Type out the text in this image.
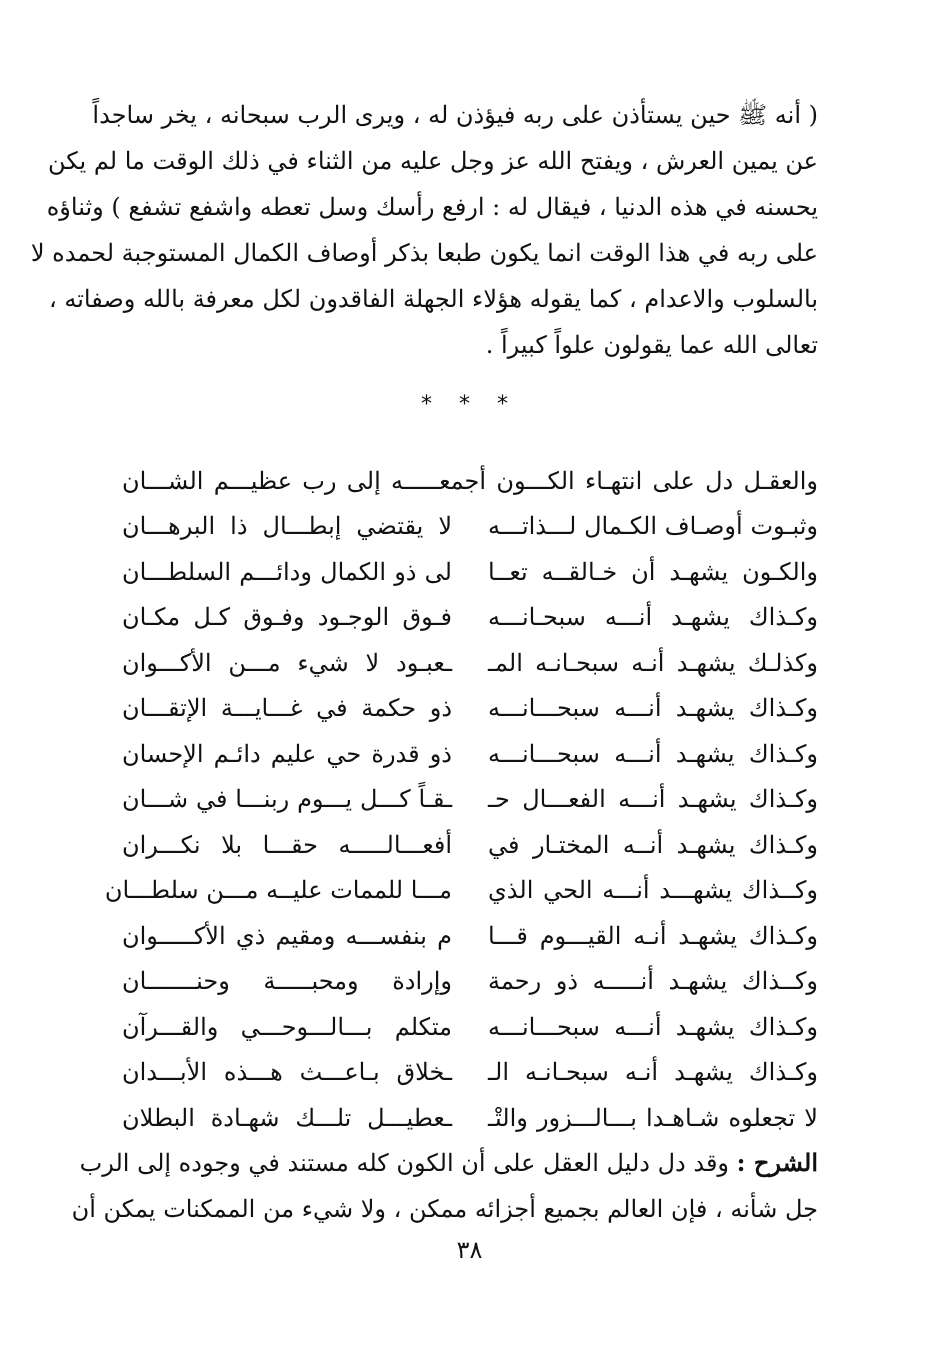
( أنه ﷺ حين يستأذن على ربه فيؤذن له ، ويرى الرب سبحانه ، يخر ساجداً
عن يمين العرش ، ويفتح الله عز وجل عليه من الثناء في ذلك الوقت ما لم يكن
يحسنه في هذه الدنيا ، فيقال له : ارفع رأسك وسل تعطه واشفع تشفع ) وثناؤه
على ربه في هذا الوقت انما يكون طبعا بذكر أوصاف الكمال المستوجبة لحمده لا
بالسلوب والاعدام ، كما يقوله هؤلاء الجهلة الفاقدون لكل معرفة بالله وصفاته ،
تعالى الله عما يقولون علواً كبيراً .
* * *
والعقـل دل على انتهـاء الكـــون أجمعـــــه إلى رب عظيـــم الشـــان
وثبـوت أوصـاف الكـمال لـــذاتـــه
لا يقتضي إبطـــال ذا البرهـــان
والكـون يشهـد أن خـالقــه تعــا
لى ذو الكمال ودائـــم السلطـــان
وكـذاك يشهـد أنـــه سبحـانـــه
فـوق الوجـود وفـوق كـل مكـان
وكذلـك يشهـد أنـه سبحـانـه المـ
ـعبـود لا شيء مـــن الأكـــوان
وكـذاك يشهـد أنـــه سبحـــانـــه
ذو حكمة في غـــايـــة الإتقـــان
وكـذاك يشهـد أنـــه سبحـــانـــه
ذو قدرة حي عليم دائـم الإحسان
وكـذاك يشهـد أنـــه الفعـــال حـ
ـقـاً كـــل يـــوم ربنـــا في شـــان
وكـذاك يشهـد أنــه المختـار في
أفعـــالـــــه حقـــا بلا نكـــران
وكــذاك يشهـــد أنـــه الحي الذي
مـــا للممات عليــه مـــن سلطـــان
وكـذاك يشهـد أنـه القيـــوم قـــا
م بنفســـه ومقيم ذي الأكـــــوان
وكــذاك يشهـد أنـــــه ذو رحمة
وإرادة ومحبـــــة وحنـــــــان
وكـذاك يشهـد أنـــه سبحـــانـــه
متكلم بـــالـــوحـــي والقـــرآن
وكـذاك يشهـد أنـه سبحـانـه الـ
ـخلاق بـاعـــث هـــذه الأبـــدان
لا تجعلوه شـاهـدا بـــالـــزور والتْـ
ـعطيـــل تلـــك شهـادة البطلان
الشرح : وقد دل دليل العقل على أن الكون كله مستند في وجوده إلى الرب
جل شأنه ، فإن العالم بجميع أجزائه ممكن ، ولا شيء من الممكنات يمكن أن
٣٨
